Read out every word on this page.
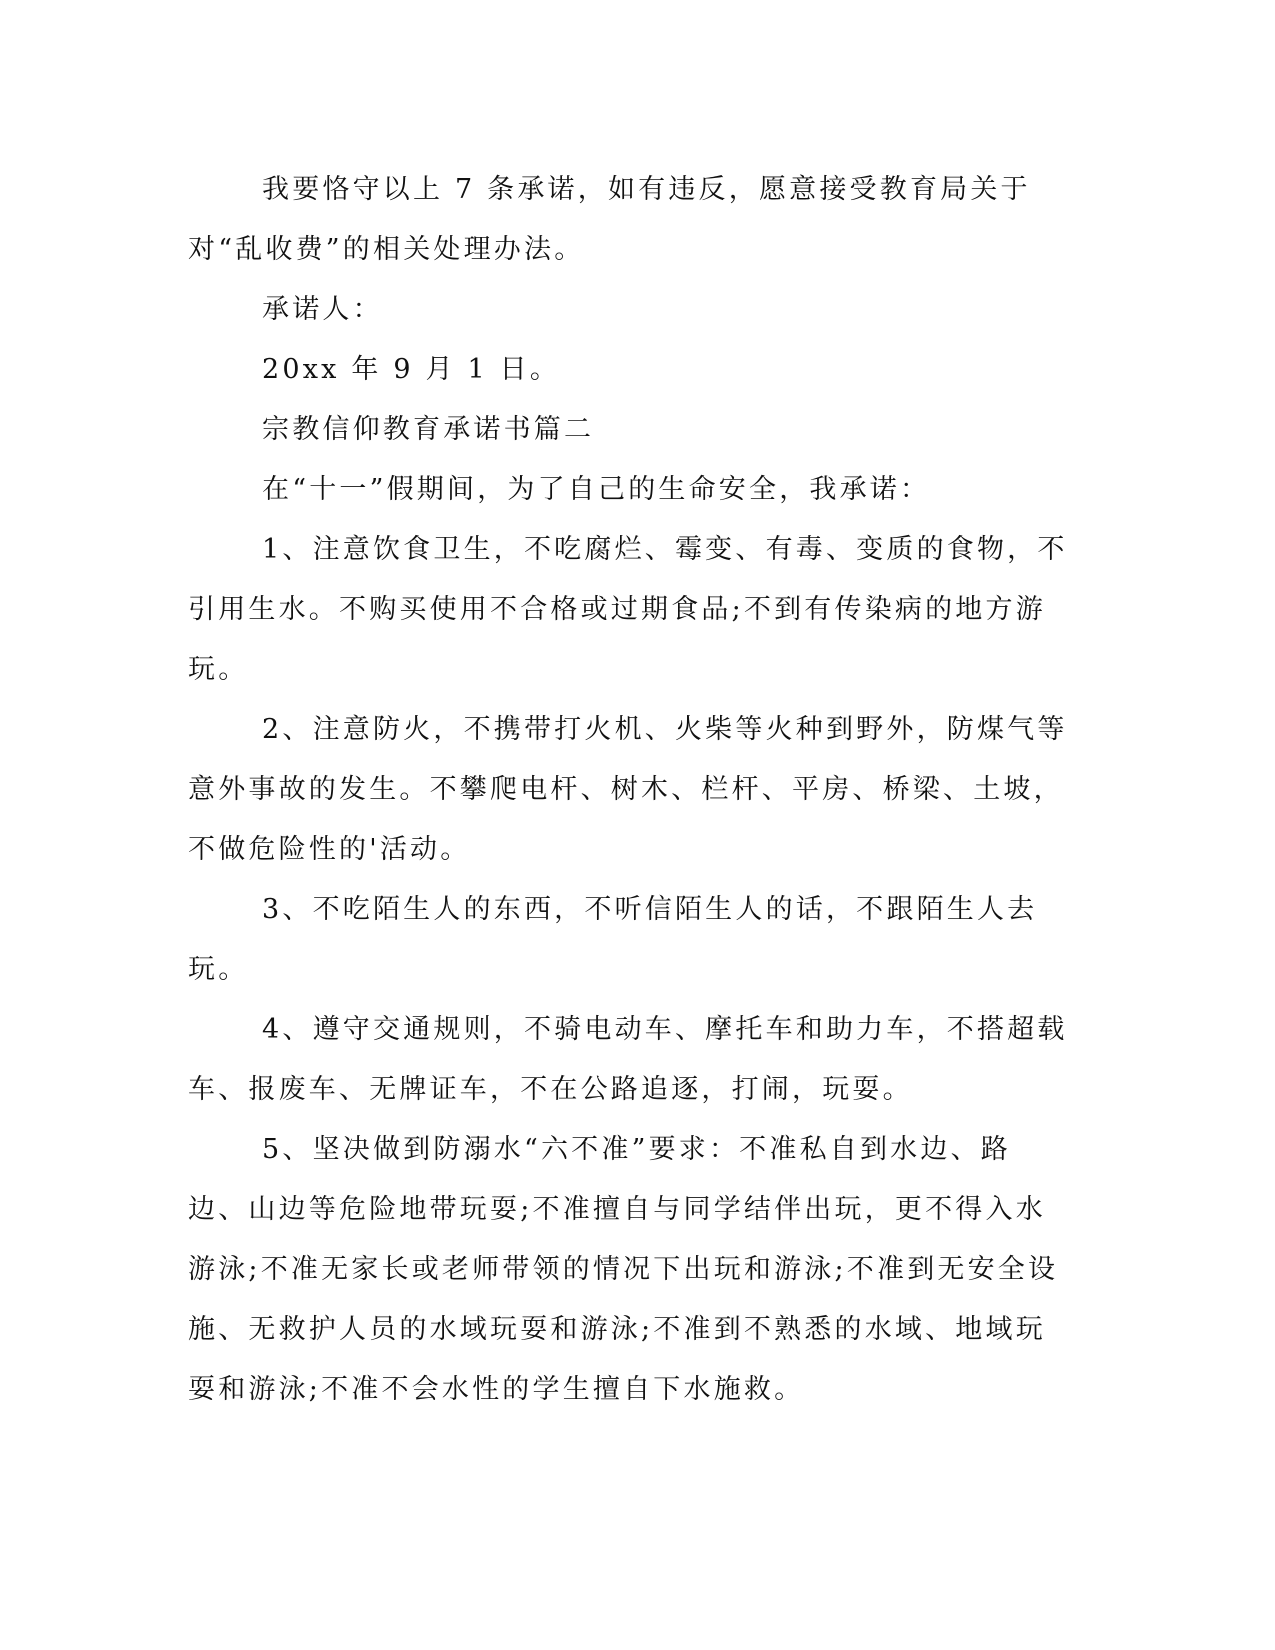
我要恪守以上 7 条承诺，如有违反，愿意接受教育局关于对“乱收费”的相关处理办法。

承诺人：

20xx 年 9 月 1 日。

宗教信仰教育承诺书篇二

在“十一”假期间，为了自己的生命安全，我承诺：

1、注意饮食卫生，不吃腐烂、霉变、有毒、变质的食物，不引用生水。不购买使用不合格或过期食品;不到有传染病的地方游玩。

2、注意防火，不携带打火机、火柴等火种到野外，防煤气等意外事故的发生。不攀爬电杆、树木、栏杆、平房、桥梁、土坡，不做危险性的'活动。

3、不吃陌生人的东西，不听信陌生人的话，不跟陌生人去玩。

4、遵守交通规则，不骑电动车、摩托车和助力车，不搭超载车、报废车、无牌证车，不在公路追逐，打闹，玩耍。

5、坚决做到防溺水“六不准”要求：不准私自到水边、路边、山边等危险地带玩耍;不准擅自与同学结伴出玩，更不得入水游泳;不准无家长或老师带领的情况下出玩和游泳;不准到无安全设施、无救护人员的水域玩耍和游泳;不准到不熟悉的水域、地域玩耍和游泳;不准不会水性的学生擅自下水施救。
